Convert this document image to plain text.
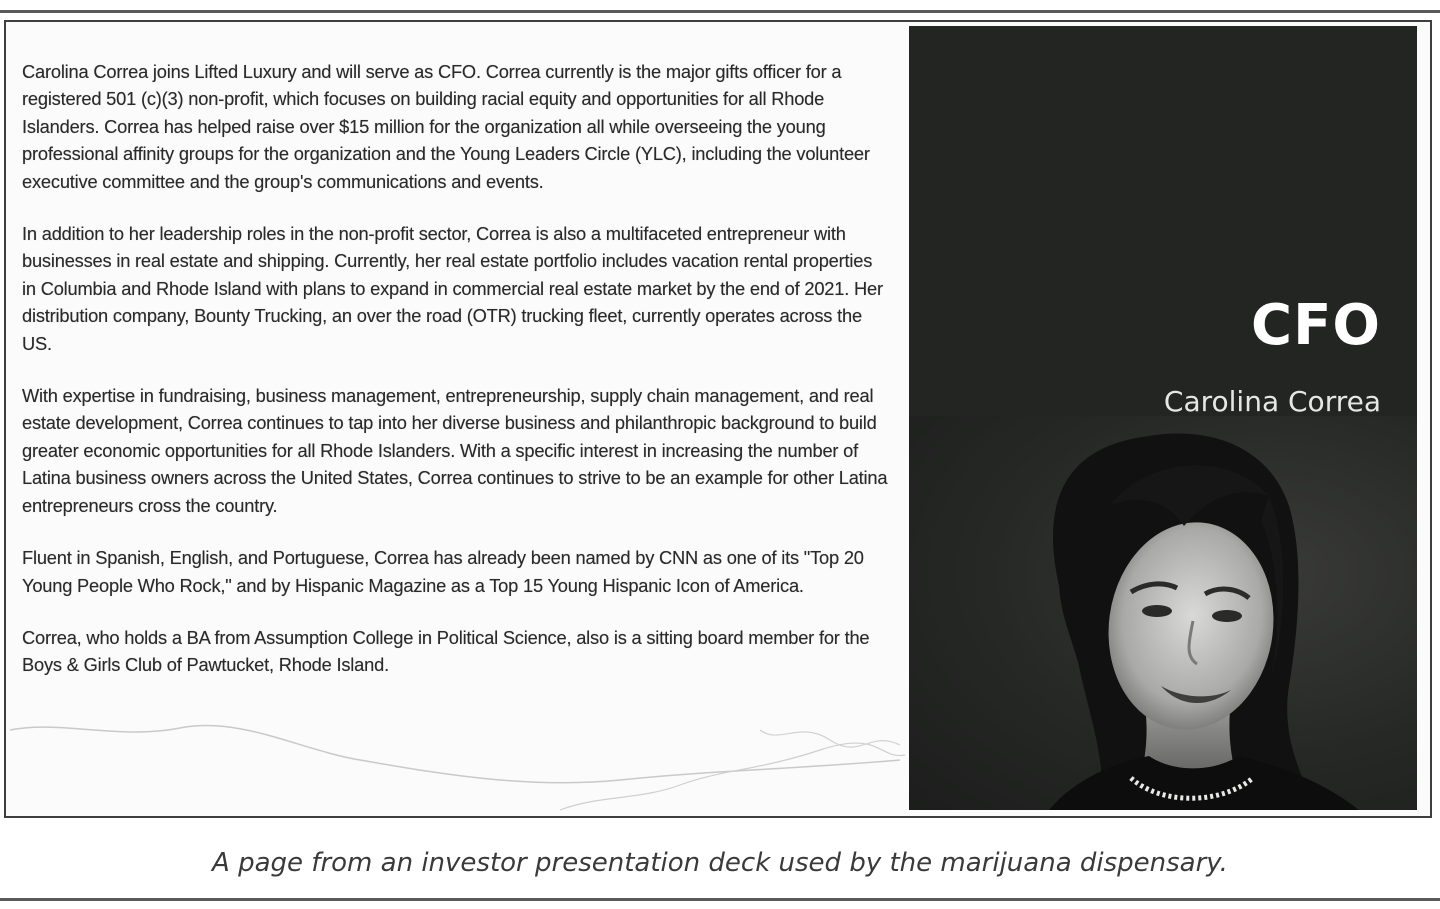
Carolina Correa joins Lifted Luxury and will serve as CFO. Correa currently is the major gifts officer for a registered 501 (c)(3) non-profit, which focuses on building racial equity and opportunities for all Rhode Islanders. Correa has helped raise over $15 million for the organization all while overseeing the young professional affinity groups for the organization and the Young Leaders Circle (YLC), including the volunteer executive committee and the group's communications and events.

In addition to her leadership roles in the non-profit sector, Correa is also a multifaceted entrepreneur with businesses in real estate and shipping. Currently, her real estate portfolio includes vacation rental properties in Columbia and Rhode Island with plans to expand in commercial real estate market by the end of 2021. Her distribution company, Bounty Trucking, an over the road (OTR) trucking fleet, currently operates across the US.

With expertise in fundraising, business management, entrepreneurship, supply chain management, and real estate development, Correa continues to tap into her diverse business and philanthropic background to build greater economic opportunities for all Rhode Islanders. With a specific interest in increasing the number of Latina business owners across the United States, Correa continues to strive to be an example for other Latina entrepreneurs cross the country.

Fluent in Spanish, English, and Portuguese, Correa has already been named by CNN as one of its "Top 20 Young People Who Rock," and by Hispanic Magazine as a Top 15 Young Hispanic Icon of America.

Correa, who holds a BA from Assumption College in Political Science, also is a sitting board member for the Boys & Girls Club of Pawtucket, Rhode Island.

CFO

Carolina Correa

A page from an investor presentation deck used by the marijuana dispensary.
